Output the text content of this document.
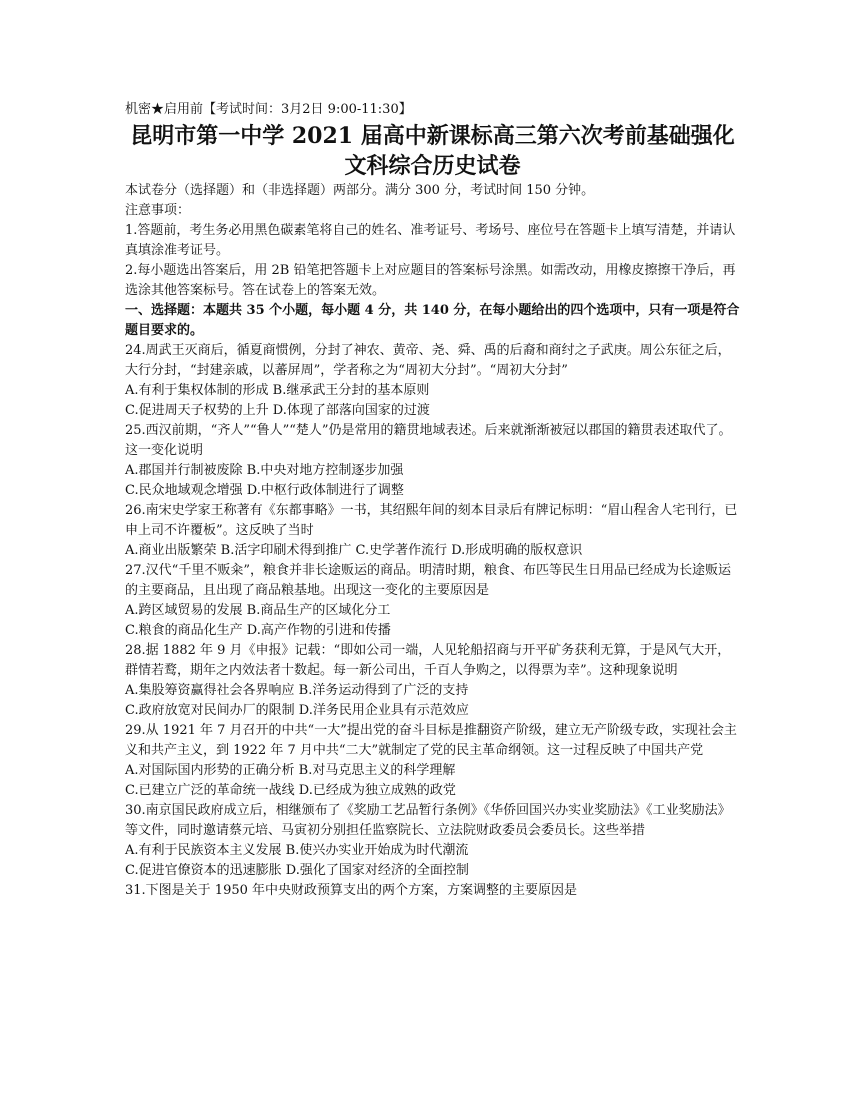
机密★启用前【考试时间：3月2日 9:00-11:30】
昆明市第一中学 2021 届高中新课标高三第六次考前基础强化
文科综合历史试卷
本试卷分（选择题）和（非选择题）两部分。满分 300 分，考试时间 150 分钟。
注意事项：
1.答题前，考生务必用黑色碳素笔将自己的姓名、准考证号、考场号、座位号在答题卡上填写清楚，并请认真填涂准考证号。
2.每小题选出答案后，用 2B 铅笔把答题卡上对应题目的答案标号涂黑。如需改动，用橡皮擦擦干净后，再选涂其他答案标号。答在试卷上的答案无效。
一、选择题：本题共 35 个小题，每小题 4 分，共 140 分，在每小题给出的四个选项中，只有一项是符合题目要求的。
24.周武王灭商后，循夏商惯例，分封了神农、黄帝、尧、舜、禹的后裔和商纣之子武庚。周公东征之后，大行分封，“封建亲戚，以蕃屏周”，学者称之为“周初大分封”。“周初大分封”
A.有利于集权体制的形成 B.继承武王分封的基本原则
C.促进周天子权势的上升 D.体现了部落向国家的过渡
25.西汉前期，“齐人”“鲁人”“楚人”仍是常用的籍贯地域表述。后来就渐渐被冠以郡国的籍贯表述取代了。这一变化说明
A.郡国并行制被废除 B.中央对地方控制逐步加强
C.民众地域观念增强 D.中枢行政体制进行了调整
26.南宋史学家王称著有《东都事略》一书，其绍熙年间的刻本目录后有牌记标明：“眉山程舍人宅刊行，已申上司不许覆板”。这反映了当时
A.商业出版繁荣 B.活字印刷术得到推广 C.史学著作流行 D.形成明确的版权意识
27.汉代“千里不贩籴”，粮食并非长途贩运的商品。明清时期，粮食、布匹等民生日用品已经成为长途贩运的主要商品，且出现了商品粮基地。出现这一变化的主要原因是
A.跨区域贸易的发展 B.商品生产的区域化分工
C.粮食的商品化生产 D.高产作物的引进和传播
28.据 1882 年 9 月《申报》记载：“即如公司一端，人见轮船招商与开平矿务获利无算，于是风气大开，群情若鹜，期年之内效法者十数起。每一新公司出，千百人争购之，以得票为幸”。这种现象说明
A.集股筹资赢得社会各界响应 B.洋务运动得到了广泛的支持
C.政府放宽对民间办厂的限制 D.洋务民用企业具有示范效应
29.从 1921 年 7 月召开的中共“一大”提出党的奋斗目标是推翻资产阶级，建立无产阶级专政，实现社会主义和共产主义，到 1922 年 7 月中共“二大”就制定了党的民主革命纲领。这一过程反映了中国共产党
A.对国际国内形势的正确分析 B.对马克思主义的科学理解
C.已建立广泛的革命统一战线 D.已经成为独立成熟的政党
30.南京国民政府成立后，相继颁布了《奖励工艺品暂行条例》《华侨回国兴办实业奖励法》《工业奖励法》等文件，同时邀请蔡元培、马寅初分别担任监察院长、立法院财政委员会委员长。这些举措
A.有利于民族资本主义发展 B.使兴办实业开始成为时代潮流
C.促进官僚资本的迅速膨胀 D.强化了国家对经济的全面控制
31.下图是关于 1950 年中央财政预算支出的两个方案，方案调整的主要原因是
